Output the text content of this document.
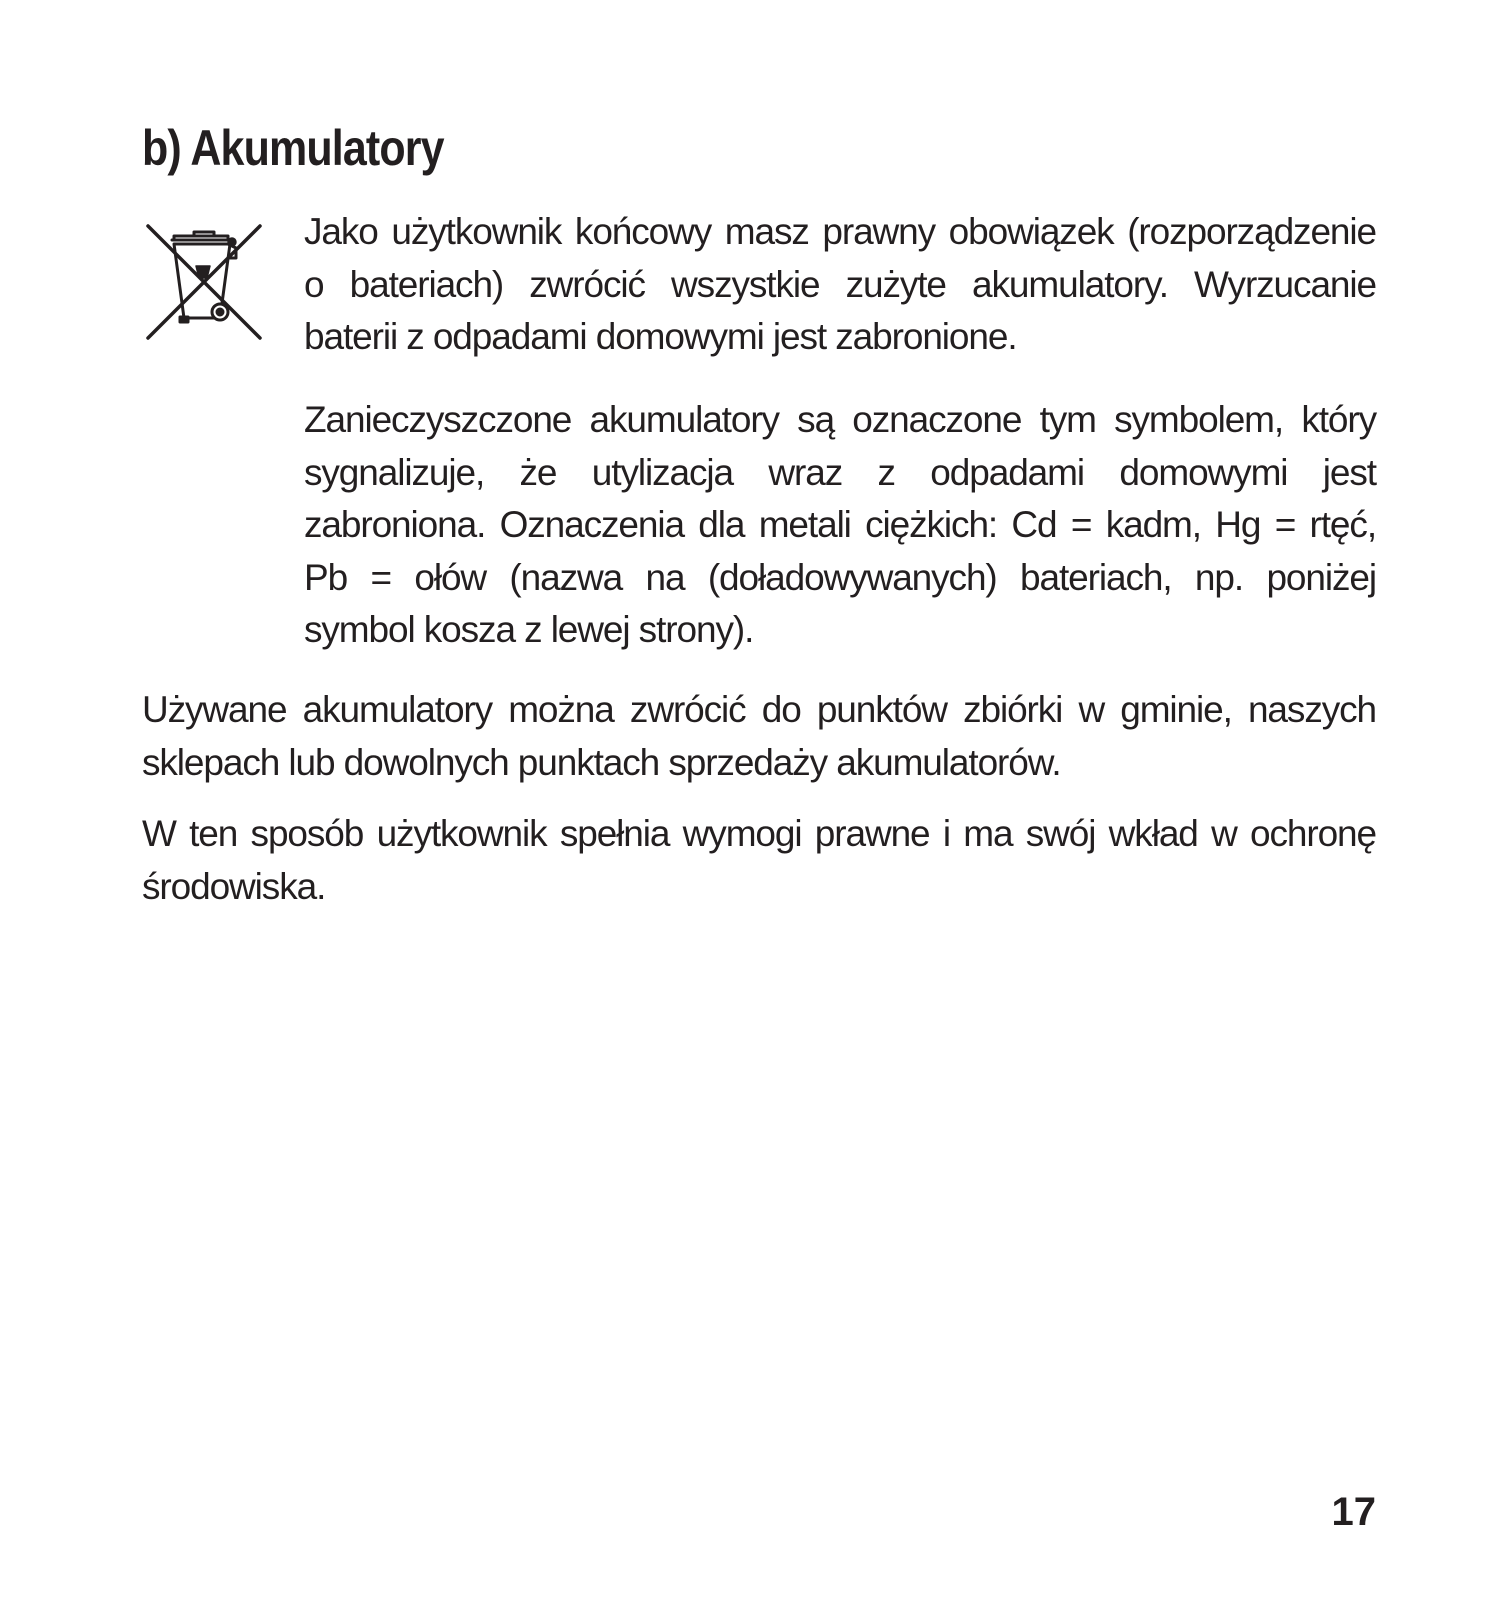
b) Akumulatory

Jako użytkownik końcowy masz prawny obowiązek (rozporządzenie o bateriach) zwrócić wszystkie zużyte akumulatory. Wyrzucanie baterii z odpadami domowymi jest zabronione.

Zanieczyszczone akumulatory są oznaczone tym symbolem, który sygnalizuje, że utylizacja wraz z odpadami domowymi jest zabroniona. Oznaczenia dla metali ciężkich: Cd = kadm, Hg = rtęć, Pb = ołów (nazwa na (doładowywanych) bateriach, np. poniżej symbol kosza z lewej strony).

Używane akumulatory można zwrócić do punktów zbiórki w gminie, naszych sklepach lub dowolnych punktach sprzedaży akumulatorów.

W ten sposób użytkownik spełnia wymogi prawne i ma swój wkład w ochronę środowiska.

17
